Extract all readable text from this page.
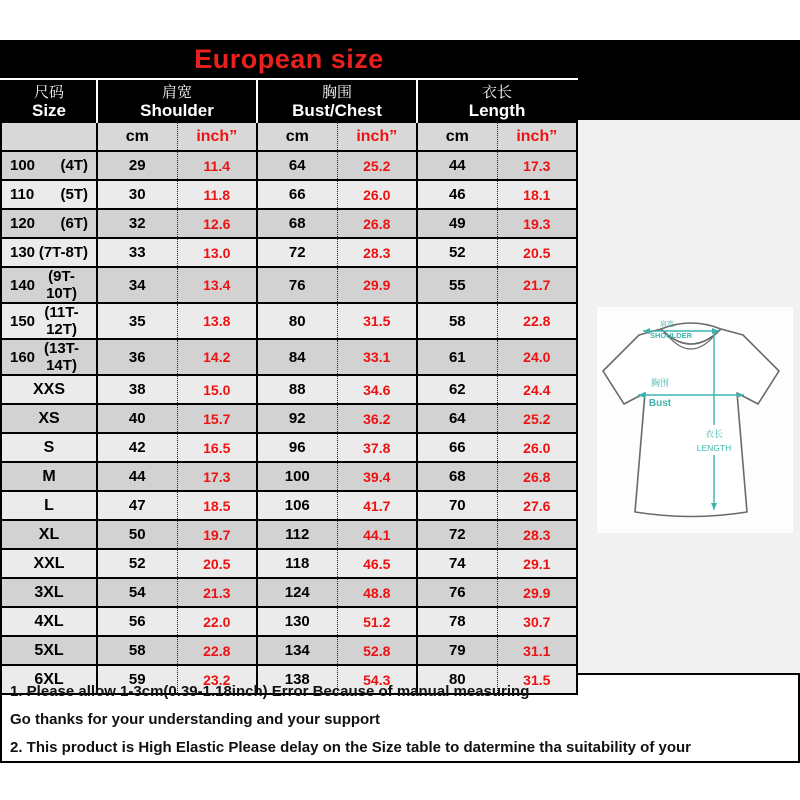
European size
尺码
Size

肩宽
Shoulder

胸围
Bust/Chest

衣长
Length

	cm	inch”	cm	inch”	cm	inch”

100 (4T)	29	11.4	64	25.2	44	17.3

110 (5T)	30	11.8	66	26.0	46	18.1

120 (6T)	32	12.6	68	26.8	49	19.3

130 (7T-8T)	33	13.0	72	28.3	52	20.5

140 (9T-10T)	34	13.4	76	29.9	55	21.7

150 (11T-12T)	35	13.8	80	31.5	58	22.8

160 (13T-14T)	36	14.2	84	33.1	61	24.0

XXS	38	15.0	88	34.6	62	24.4

XS	40	15.7	92	36.2	64	25.2

S	42	16.5	96	37.8	66	26.0

M	44	17.3	100	39.4	68	26.8

L	47	18.5	106	41.7	70	27.6

XL	50	19.7	112	44.1	72	28.3

XXL	52	20.5	118	46.5	74	29.1

3XL	54	21.3	124	48.8	76	29.9

4XL	56	22.0	130	51.2	78	30.7

5XL	58	22.8	134	52.8	79	31.1

6XL	59	23.2	138	54.3	80	31.5
肩宽
SHOULDER
胸围
Bust
衣长
LENGTH
1. Please allow 1-3cm(0.39-1.18inch) Error Because of manual measuring
Go thanks for your understanding and your support
2. This product is High Elastic Please delay on the Size table to datermine tha suitability of your
